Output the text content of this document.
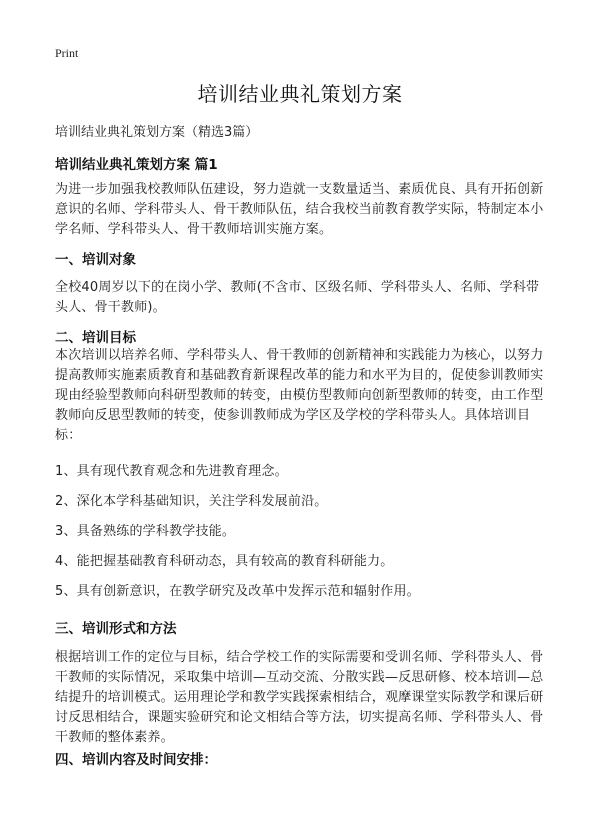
Print
培训结业典礼策划方案
培训结业典礼策划方案（精选3篇）
培训结业典礼策划方案 篇1

为进一步加强我校教师队伍建设，努力造就一支数量适当、素质优良、具有开拓创新意识的名师、学科带头人、骨干教师队伍，结合我校当前教育教学实际，特制定本小学名师、学科带头人、骨干教师培训实施方案。

一、培训对象

全校40周岁以下的在岗小学、教师(不含市、区级名师、学科带头人、名师、学科带头人、骨干教师)。

二、培训目标

本次培训以培养名师、学科带头人、骨干教师的创新精神和实践能力为核心，以努力提高教师实施素质教育和基础教育新课程改革的能力和水平为目的，促使参训教师实现由经验型教师向科研型教师的转变，由模仿型教师向创新型教师的转变，由工作型教师向反思型教师的转变，使参训教师成为学区及学校的学科带头人。具体培训目标：

1、具有现代教育观念和先进教育理念。
2、深化本学科基础知识，关注学科发展前沿。
3、具备熟练的学科教学技能。
4、能把握基础教育科研动态，具有较高的教育科研能力。
5、具有创新意识，在教学研究及改革中发挥示范和辐射作用。
三、培训形式和方法

根据培训工作的定位与目标，结合学校工作的实际需要和受训名师、学科带头人、骨干教师的实际情况，采取集中培训—互动交流、分散实践—反思研修、校本培训—总结提升的培训模式。运用理论学和教学实践探索相结合，观摩课堂实际教学和课后研讨反思相结合，课题实验研究和论文相结合等方法，切实提高名师、学科带头人、骨干教师的整体素养。

四、培训内容及时间安排：
